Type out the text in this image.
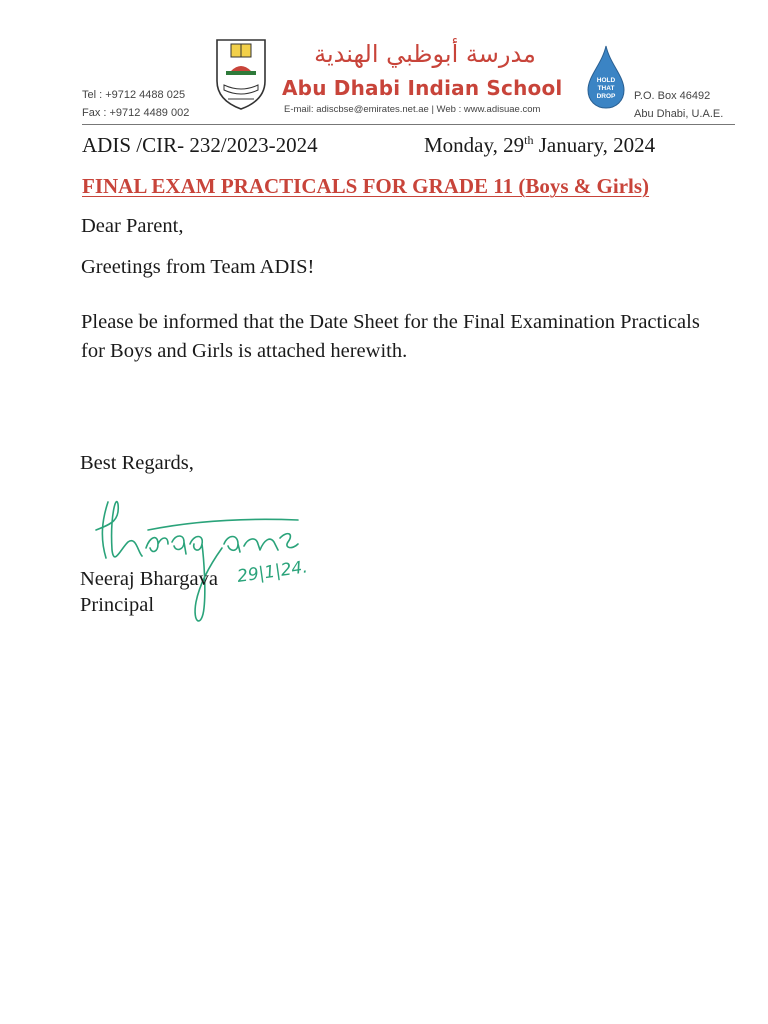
Tel : +9712 4488 025
Fax : +9712 4489 002
مدرسة أبوظبي الهندية
Abu Dhabi Indian School
E-mail: adiscbse@emirates.net.ae | Web : www.adisuae.com
HOLD
THAT
DROP P.O. Box 46492
Abu Dhabi, U.A.E.
ADIS /CIR- 232/2023-2024	Monday, 29th January, 2024
FINAL EXAM PRACTICALS FOR GRADE 11 (Boys & Girls)
Dear Parent,
Greetings from Team ADIS!
Please be informed that the Date Sheet for the Final Examination Practicals for Boys and Girls is attached herewith.
Best Regards,
29|1|24.
Neeraj Bhargava
Principal
